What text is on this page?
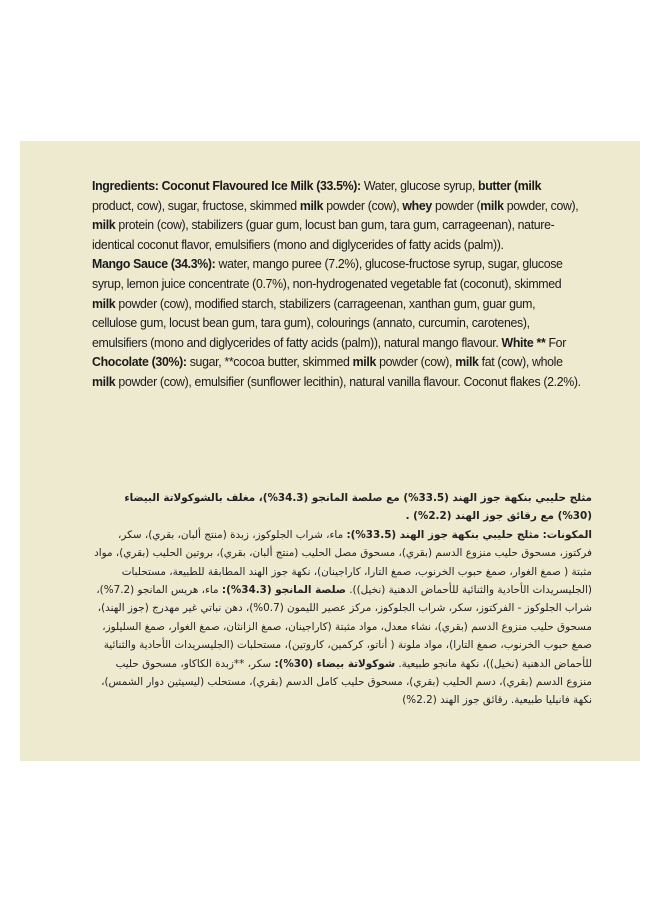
Ingredients: Coconut Flavoured Ice Milk (33.5%): Water, glucose syrup, butter (milk product, cow), sugar, fructose, skimmed milk powder (cow), whey powder (milk powder, cow), milk protein (cow), stabilizers (guar gum, locust ban gum, tara gum, carrageenan), nature-identical coconut flavor, emulsifiers (mono and diglycerides of fatty acids (palm)).
Mango Sauce (34.3%): water, mango puree (7.2%), glucose-fructose syrup, sugar, glucose syrup, lemon juice concentrate (0.7%), non-hydrogenated vegetable fat (coconut), skimmed milk powder (cow), modified starch, stabilizers (carrageenan, xanthan gum, guar gum, cellulose gum, locust bean gum, tara gum), colourings (annato, curcumin, carotenes), emulsifiers (mono and diglycerides of fatty acids (palm)), natural mango flavour. White ** For
Chocolate (30%): sugar, **cocoa butter, skimmed milk powder (cow), milk fat (cow), whole milk powder (cow), emulsifier (sunflower lecithin), natural vanilla flavour. Coconut flakes (2.2%).
مثلج حليبي بنكهة جوز الهند (33.5%) مع صلصة المانجو (34.3%)، مغلف بالشوكولاتة البيضاء (30%) مع رقائق جوز الهند (2.2%) .
المكونات: مثلج حليبي بنكهة جوز الهند (33.5%): ماء، شراب الجلوكوز، زبدة (منتج ألبان، بقري)، سكر، فركتوز، مسحوق حليب منزوع الدسم (بقري)، مسحوق مصل الحليب (منتج ألبان، بقري)، بروتين الحليب (بقري)، مواد مثبتة ( صمغ الغوار، صمغ حبوب الخرنوب، صمغ التارا، كاراجينان)، نكهة جوز الهند المطابقة للطبيعة، مستحلبات (الجليسريدات الأحادية والثنائية للأحماض الدهنية (نخيل)). صلصة المانجو (34.3%): ماء، هريس المانجو (7.2%)، شراب الجلوكوز - الفركتوز، سكر، شراب الجلوكوز، مركز عصير الليمون (0.7%)، دهن نباتي غير مهدرج (جوز الهند)، مسحوق حليب منزوع الدسم (بقري)، نشاء معدل، مواد مثبتة (كاراجينان، صمغ الزانثان، صمغ الغوار، صمغ السليلوز، صمغ حبوب الخرنوب، صمغ التارا)، مواد ملونة ( أناتو، كركمين، كاروتين)، مستحلبات (الجليسريدات الأحادية والثنائية للأحماض الدهنية (نخيل))، نكهة مانجو طبيعية. شوكولاتة بيضاء (30%): سكر، **زبدة الكاكاو، مسحوق حليب منزوع الدسم (بقري)، دسم الحليب (بقري)، مسحوق حليب كامل الدسم (بقري)، مستحلب (ليسيثين دوار الشمس)، نكهة فانيليا طبيعية. رقائق جوز الهند (2.2%)
